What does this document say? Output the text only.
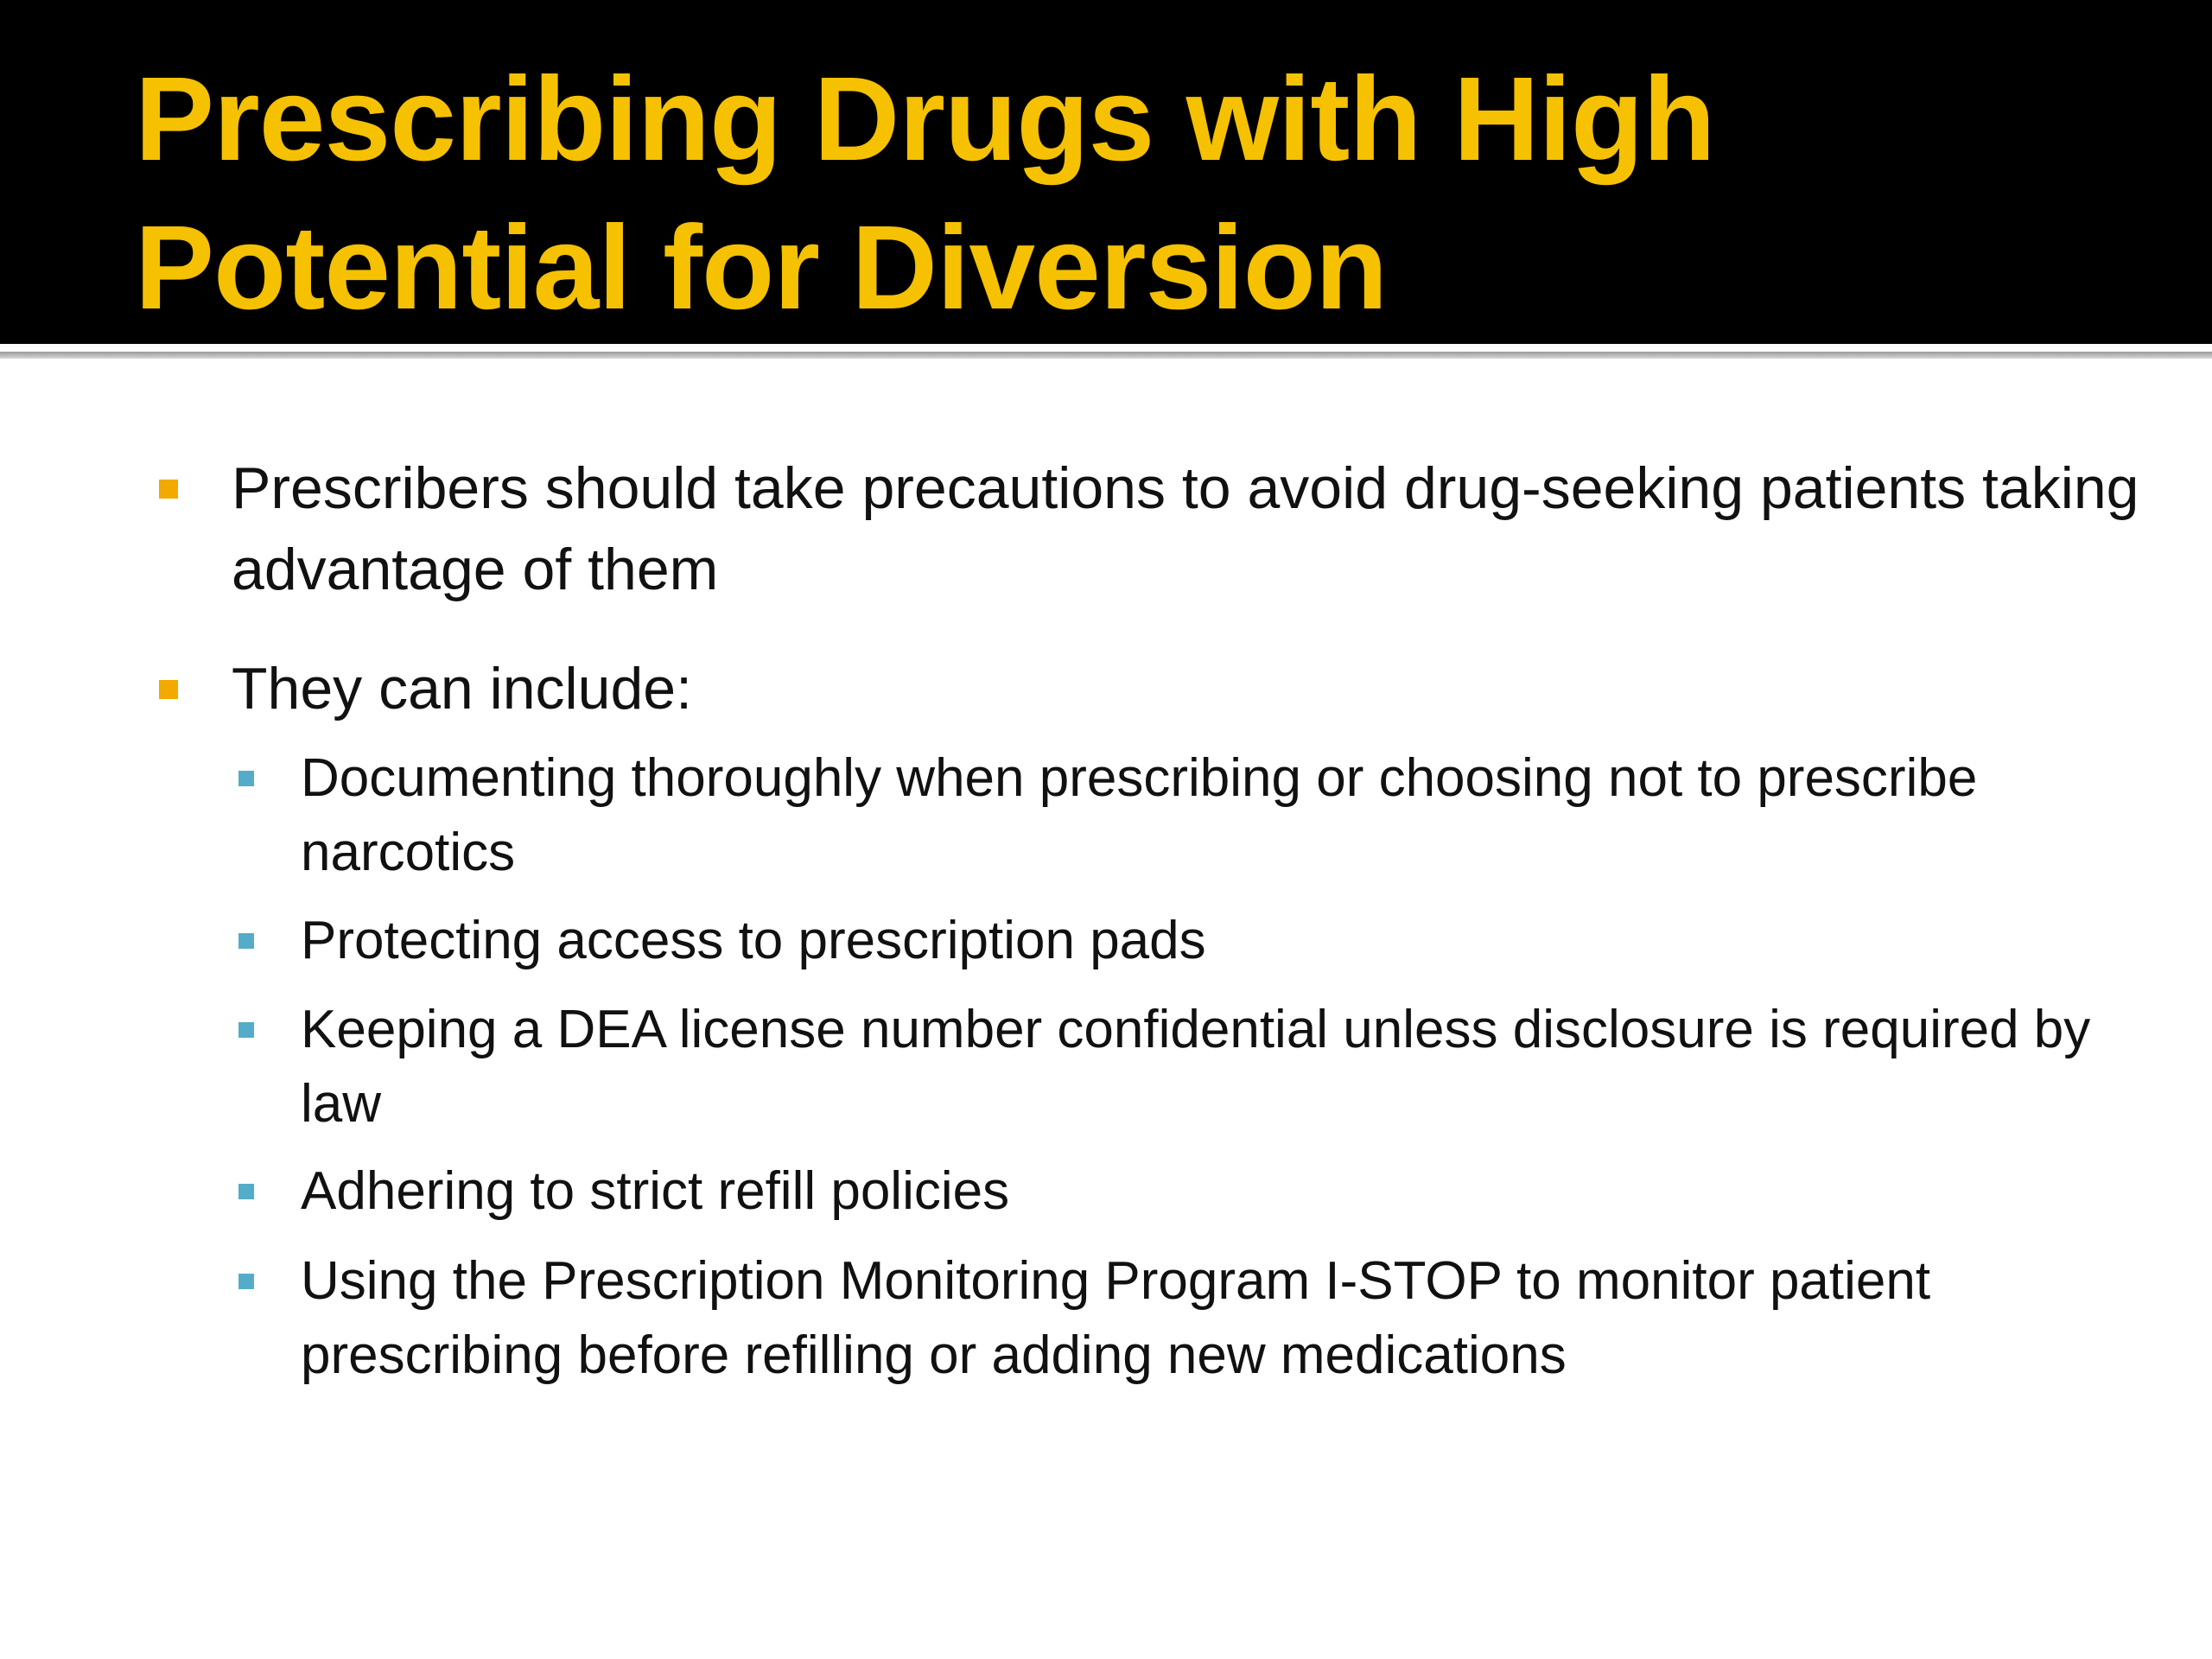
Prescribing Drugs with High Potential for Diversion

Prescribers should take precautions to avoid drug-seeking patients taking advantage of them

They can include:

Documenting thoroughly when prescribing or choosing not to prescribe narcotics

Protecting access to prescription pads

Keeping a DEA license number confidential unless disclosure is required by law

Adhering to strict refill policies

Using the Prescription Monitoring Program I-STOP to monitor patient prescribing before refilling or adding new medications
